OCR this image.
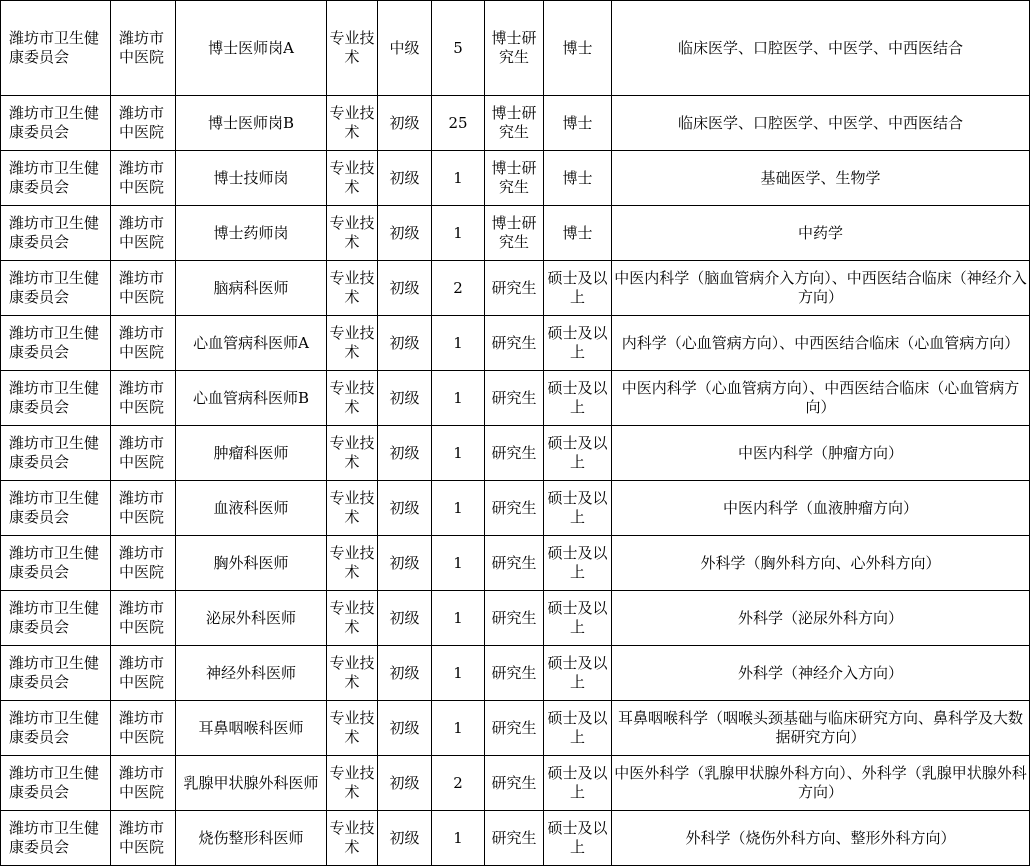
潍坊市卫生健康委员会	潍坊市中医院	博士医师岗A	专业技术	中级	5	博士研究生	博士	临床医学、口腔医学、中医学、中西医结合
潍坊市卫生健康委员会	潍坊市中医院	博士医师岗B	专业技术	初级	25	博士研究生	博士	临床医学、口腔医学、中医学、中西医结合
潍坊市卫生健康委员会	潍坊市中医院	博士技师岗	专业技术	初级	1	博士研究生	博士	基础医学、生物学
潍坊市卫生健康委员会	潍坊市中医院	博士药师岗	专业技术	初级	1	博士研究生	博士	中药学
潍坊市卫生健康委员会	潍坊市中医院	脑病科医师	专业技术	初级	2	研究生	硕士及以上	中医内科学（脑血管病介入方向）、中西医结合临床（神经介入方向）
潍坊市卫生健康委员会	潍坊市中医院	心血管病科医师A	专业技术	初级	1	研究生	硕士及以上	内科学（心血管病方向）、中西医结合临床（心血管病方向）
潍坊市卫生健康委员会	潍坊市中医院	心血管病科医师B	专业技术	初级	1	研究生	硕士及以上	中医内科学（心血管病方向）、中西医结合临床（心血管病方向）
潍坊市卫生健康委员会	潍坊市中医院	肿瘤科医师	专业技术	初级	1	研究生	硕士及以上	中医内科学（肿瘤方向）
潍坊市卫生健康委员会	潍坊市中医院	血液科医师	专业技术	初级	1	研究生	硕士及以上	中医内科学（血液肿瘤方向）
潍坊市卫生健康委员会	潍坊市中医院	胸外科医师	专业技术	初级	1	研究生	硕士及以上	外科学（胸外科方向、心外科方向）
潍坊市卫生健康委员会	潍坊市中医院	泌尿外科医师	专业技术	初级	1	研究生	硕士及以上	外科学（泌尿外科方向）
潍坊市卫生健康委员会	潍坊市中医院	神经外科医师	专业技术	初级	1	研究生	硕士及以上	外科学（神经介入方向）
潍坊市卫生健康委员会	潍坊市中医院	耳鼻咽喉科医师	专业技术	初级	1	研究生	硕士及以上	耳鼻咽喉科学（咽喉头颈基础与临床研究方向、鼻科学及大数据研究方向）
潍坊市卫生健康委员会	潍坊市中医院	乳腺甲状腺外科医师	专业技术	初级	2	研究生	硕士及以上	中医外科学（乳腺甲状腺外科方向）、外科学（乳腺甲状腺外科方向）
潍坊市卫生健康委员会	潍坊市中医院	烧伤整形科医师	专业技术	初级	1	研究生	硕士及以上	外科学（烧伤外科方向、整形外科方向）
